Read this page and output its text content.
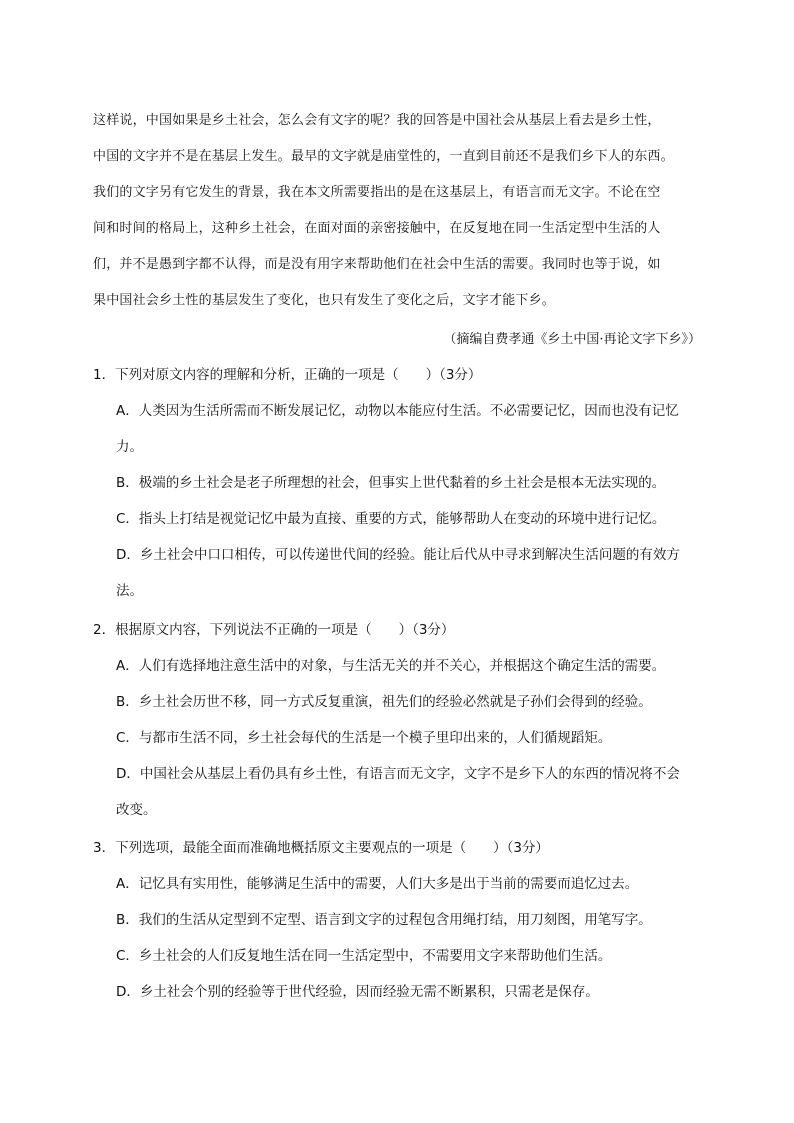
这样说，中国如果是乡土社会，怎么会有文字的呢？我的回答是中国社会从基层上看去是乡土性，
中国的文字并不是在基层上发生。最早的文字就是庙堂性的，一直到目前还不是我们乡下人的东西。
我们的文字另有它发生的背景，我在本文所需要指出的是在这基层上，有语言而无文字。不论在空
间和时间的格局上，这种乡土社会，在面对面的亲密接触中，在反复地在同一生活定型中生活的人
们，并不是愚到字都不认得，而是没有用字来帮助他们在社会中生活的需要。我同时也等于说，如
果中国社会乡土性的基层发生了变化，也只有发生了变化之后，文字才能下乡。
（摘编自费孝通《乡土中国·再论文字下乡》）
1．下列对原文内容的理解和分析，正确的一项是（　　）（3分）
A．人类因为生活所需而不断发展记忆，动物以本能应付生活。不必需要记忆，因而也没有记忆
力。
B．极端的乡土社会是老子所理想的社会，但事实上世代黏着的乡土社会是根本无法实现的。
C．指头上打结是视觉记忆中最为直接、重要的方式，能够帮助人在变动的环境中进行记忆。
D．乡土社会中口口相传，可以传递世代间的经验。能让后代从中寻求到解决生活问题的有效方
法。
2．根据原文内容，下列说法不正确的一项是（　　）（3分）
A．人们有选择地注意生活中的对象，与生活无关的并不关心，并根据这个确定生活的需要。
B．乡土社会历世不移，同一方式反复重演，祖先们的经验必然就是子孙们会得到的经验。
C．与都市生活不同，乡土社会每代的生活是一个模子里印出来的，人们循规蹈矩。
D．中国社会从基层上看仍具有乡土性，有语言而无文字，文字不是乡下人的东西的情况将不会
改变。
3．下列选项，最能全面而准确地概括原文主要观点的一项是（　　）（3分）
A．记忆具有实用性，能够满足生活中的需要，人们大多是出于当前的需要而追忆过去。
B．我们的生活从定型到不定型、语言到文字的过程包含用绳打结，用刀刻图，用笔写字。
C．乡土社会的人们反复地生活在同一生活定型中，不需要用文字来帮助他们生活。
D．乡土社会个别的经验等于世代经验，因而经验无需不断累积，只需老是保存。
